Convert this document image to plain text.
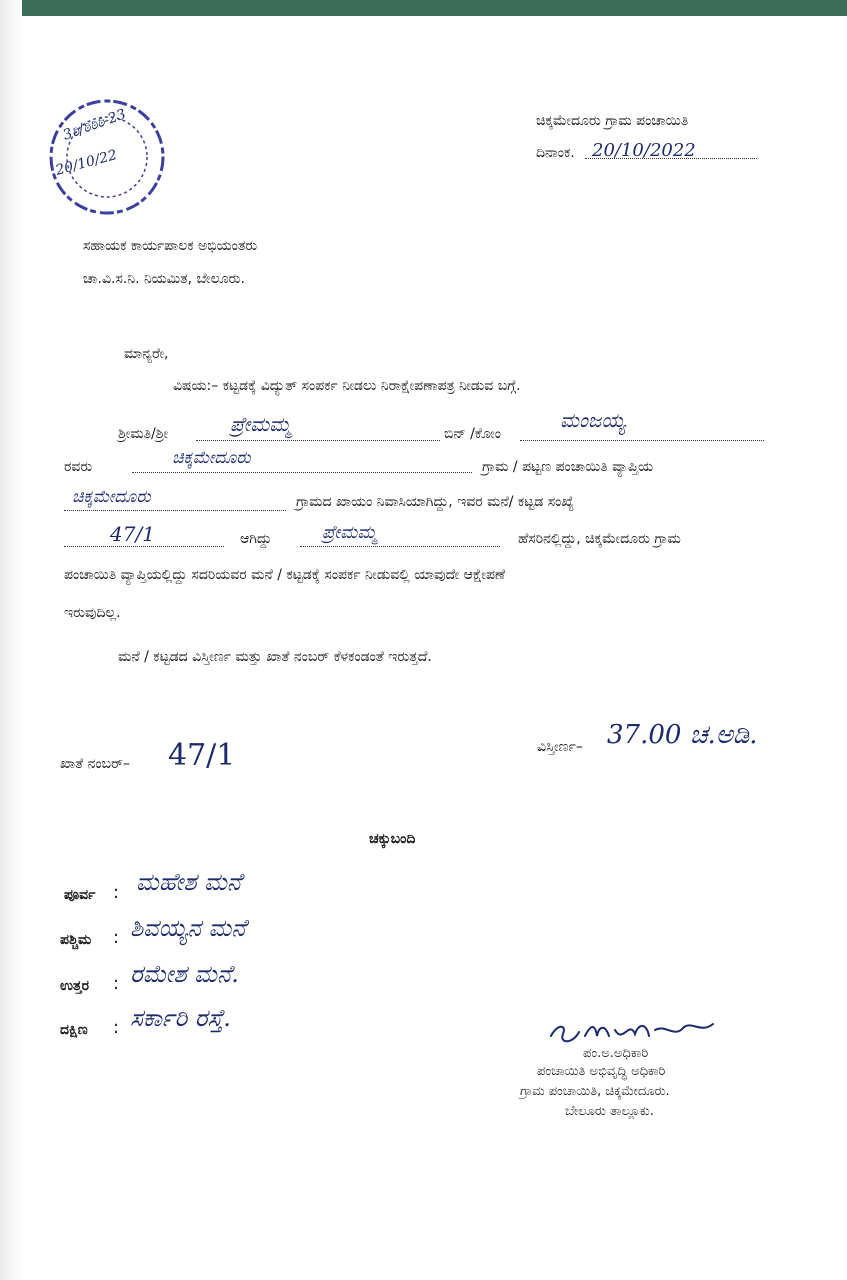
3ಠಿ/ಠಿಠಿಠಿ-23
20/10/22
ಚಿಕ್ಕಮೇದೂರು ಗ್ರಾಮ ಪಂಚಾಯಿತಿ
ದಿನಾಂಕ. 20/10/2022
ಸಹಾಯಕ ಕಾರ್ಯಪಾಲಕ ಅಭಿಯಂತರು
ಚಾ.ವಿ.ಸ.ನಿ. ನಿಯಮಿತ, ಬೇಲೂರು.
ಮಾನ್ಯರೇ,
ವಿಷಯ:– ಕಟ್ಟಡಕ್ಕೆ ವಿದ್ಯುತ್ ಸಂಪರ್ಕ ನೀಡಲು ನಿರಾಕ್ಷೇಪಣಾಪತ್ರ ನೀಡುವ ಬಗ್ಗೆ.
ಶ್ರೀಮತಿ/ಶ್ರೀ	ಪ್ರೇಮಮ್ಮ	ಬಿನ್ /ಕೋಂ
ಮಂಜಯ್ಯ
ರವರು	ಚಿಕ್ಕಮೇದೂರು	ಗ್ರಾಮ / ಪಟ್ಟಣ ಪಂಚಾಯಿತಿ ವ್ಯಾಪ್ತಿಯ
ಚಿಕ್ಕಮೇದೂರು	ಗ್ರಾಮದ ಖಾಯಂ ನಿವಾಸಿಯಾಗಿದ್ದು, ಇವರ ಮನೆ/ ಕಟ್ಟಡ ಸಂಖ್ಯೆ
47/1	ಆಗಿದ್ದು	ಪ್ರೇಮಮ್ಮ	ಹೆಸರಿನಲ್ಲಿದ್ದು, ಚಿಕ್ಕಮೇದೂರು ಗ್ರಾಮ
ಪಂಚಾಯಿತಿ ವ್ಯಾಪ್ತಿಯಲ್ಲಿದ್ದು ಸದರಿಯವರ ಮನೆ / ಕಟ್ಟಡಕ್ಕೆ ಸಂಪರ್ಕ ನೀಡುವಲ್ಲಿ ಯಾವುದೇ ಆಕ್ಷೇಪಣೆ
ಇರುವುದಿಲ್ಲ.
ಮನೆ / ಕಟ್ಟಡದ ವಿಸ್ತೀರ್ಣ ಮತ್ತು ಖಾತೆ ನಂಬರ್ ಕೆಳಕಂಡಂತೆ ಇರುತ್ತದೆ.
ಖಾತೆ ನಂಬರ್– 47/1	ವಿಸ್ತೀರ್ಣ– 37.00 ಚ.ಅಡಿ.
ಚಕ್ಕುಬಂದಿ
ಪೂರ್ವ : ಮಹೇಶ ಮನೆ
ಪಶ್ಚಿಮ : ಶಿವಯ್ಯನ ಮನೆ
ಉತ್ತರ : ರಮೇಶ ಮನೆ.
ದಕ್ಷಿಣ : ಸರ್ಕಾರಿ ರಸ್ತೆ.
ಪಂ.ಅ.ಅಧಿಕಾರಿ
ಪಂಚಾಯಿತಿ ಅಭಿವೃದ್ಧಿ ಅಧಿಕಾರಿ
ಗ್ರಾಮ ಪಂಚಾಯಿತಿ, ಚಿಕ್ಕಮೇದೂರು.
ಬೇಲೂರು ತಾಲ್ಲೂಕು.
